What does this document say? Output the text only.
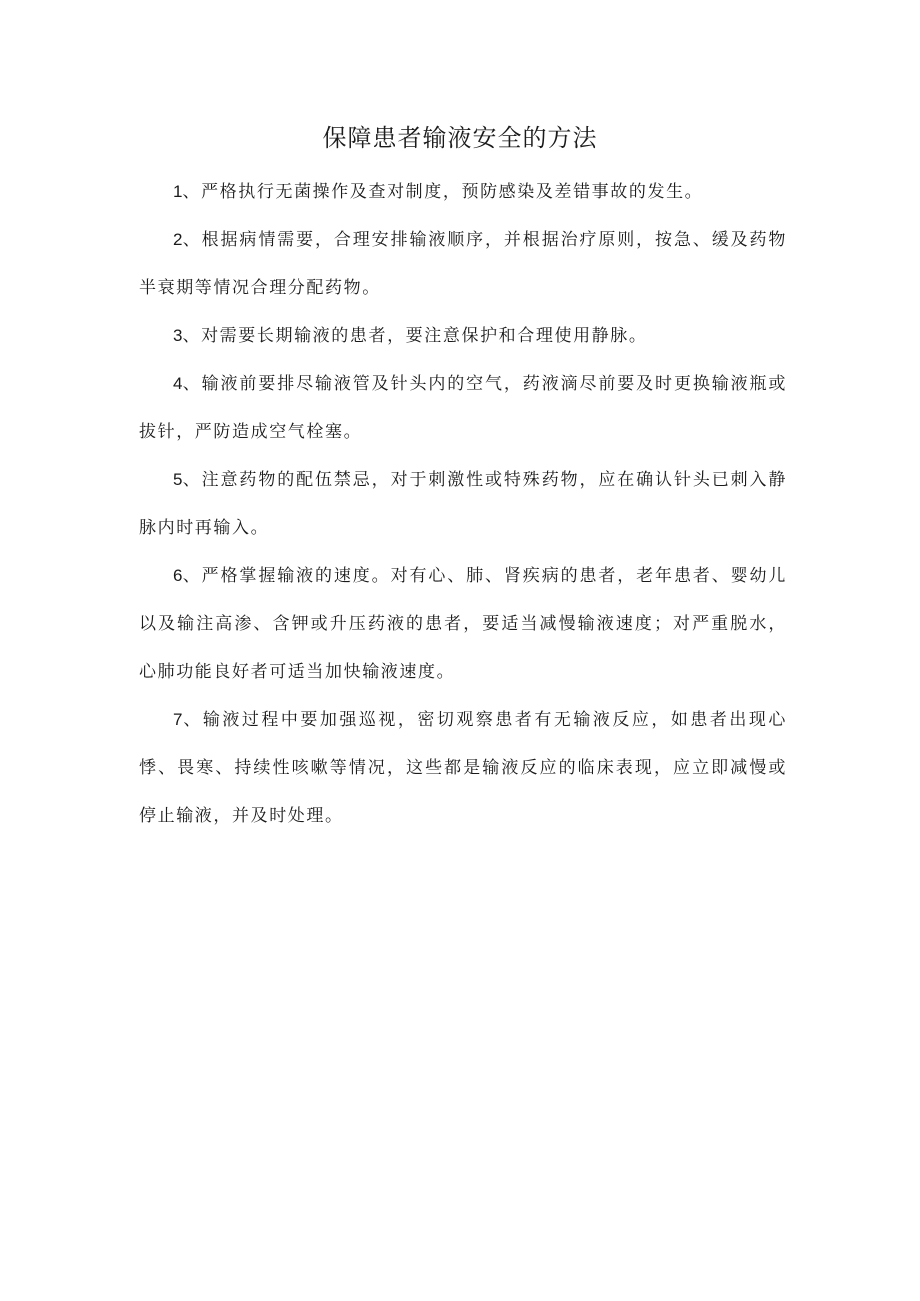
保障患者输液安全的方法

1、严格执行无菌操作及查对制度，预防感染及差错事故的发生。

2、根据病情需要，合理安排输液顺序，并根据治疗原则，按急、缓及药物半衰期等情况合理分配药物。

3、对需要长期输液的患者，要注意保护和合理使用静脉。

4、输液前要排尽输液管及针头内的空气，药液滴尽前要及时更换输液瓶或拔针，严防造成空气栓塞。

5、注意药物的配伍禁忌，对于刺激性或特殊药物，应在确认针头已刺入静脉内时再输入。

6、严格掌握输液的速度。对有心、肺、肾疾病的患者，老年患者、婴幼儿以及输注高渗、含钾或升压药液的患者，要适当减慢输液速度；对严重脱水，心肺功能良好者可适当加快输液速度。

7、输液过程中要加强巡视，密切观察患者有无输液反应，如患者出现心悸、畏寒、持续性咳嗽等情况，这些都是输液反应的临床表现，应立即减慢或停止输液，并及时处理。
